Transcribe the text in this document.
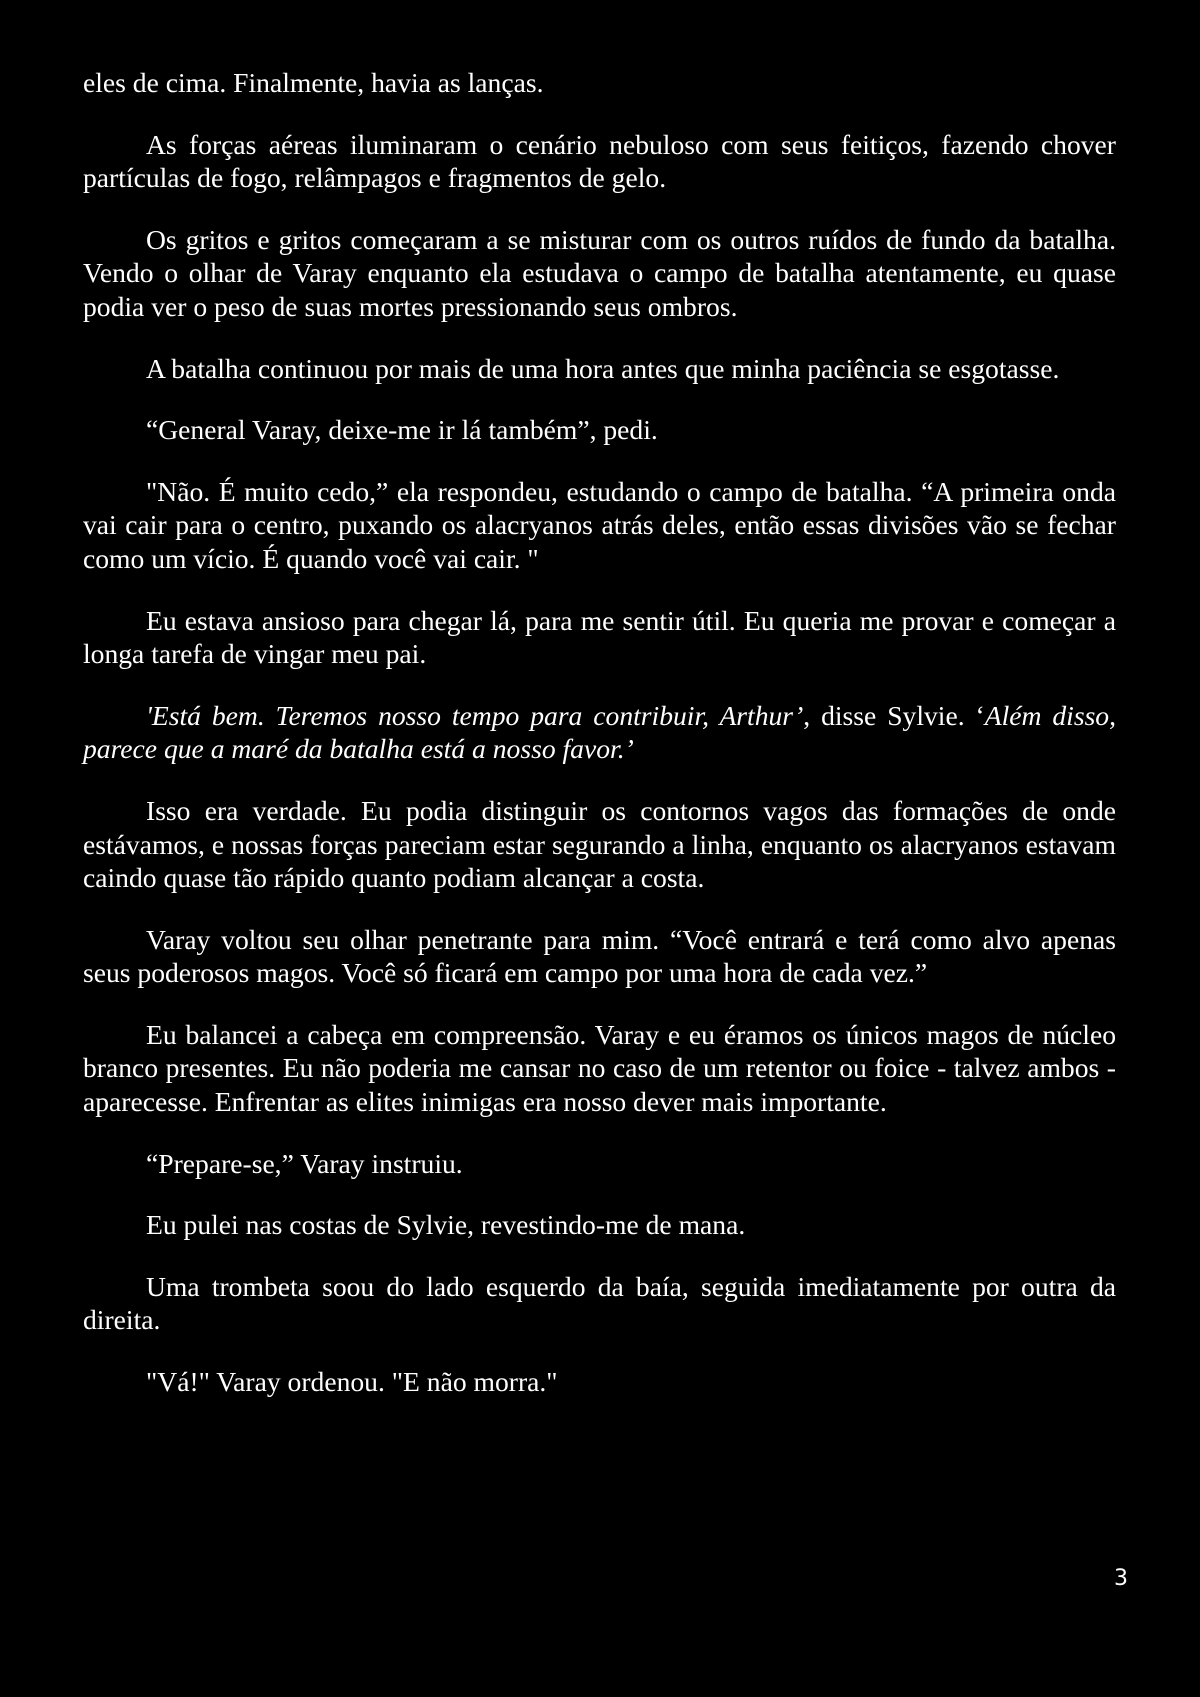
eles de cima. Finalmente, havia as lanças.

As forças aéreas iluminaram o cenário nebuloso com seus feitiços, fazendo chover partículas de fogo, relâmpagos e fragmentos de gelo.

Os gritos e gritos começaram a se misturar com os outros ruídos de fundo da batalha. Vendo o olhar de Varay enquanto ela estudava o campo de batalha atentamente, eu quase podia ver o peso de suas mortes pressionando seus ombros.

A batalha continuou por mais de uma hora antes que minha paciência se esgotasse.

“General Varay, deixe-me ir lá também”, pedi.

"Não. É muito cedo,” ela respondeu, estudando o campo de batalha. “A primeira onda vai cair para o centro, puxando os alacryanos atrás deles, então essas divisões vão se fechar como um vício. É quando você vai cair. "

Eu estava ansioso para chegar lá, para me sentir útil. Eu queria me provar e começar a longa tarefa de vingar meu pai.

'Está bem. Teremos nosso tempo para contribuir, Arthur’, disse Sylvie. ‘Além disso, parece que a maré da batalha está a nosso favor.’

Isso era verdade. Eu podia distinguir os contornos vagos das formações de onde estávamos, e nossas forças pareciam estar segurando a linha, enquanto os alacryanos estavam caindo quase tão rápido quanto podiam alcançar a costa.

Varay voltou seu olhar penetrante para mim. “Você entrará e terá como alvo apenas seus poderosos magos. Você só ficará em campo por uma hora de cada vez.”

Eu balancei a cabeça em compreensão. Varay e eu éramos os únicos magos de núcleo branco presentes. Eu não poderia me cansar no caso de um retentor ou foice - talvez ambos - aparecesse. Enfrentar as elites inimigas era nosso dever mais importante.

“Prepare-se,” Varay instruiu.

Eu pulei nas costas de Sylvie, revestindo-me de mana.

Uma trombeta soou do lado esquerdo da baía, seguida imediatamente por outra da direita.

"Vá!" Varay ordenou. "E não morra."

3
